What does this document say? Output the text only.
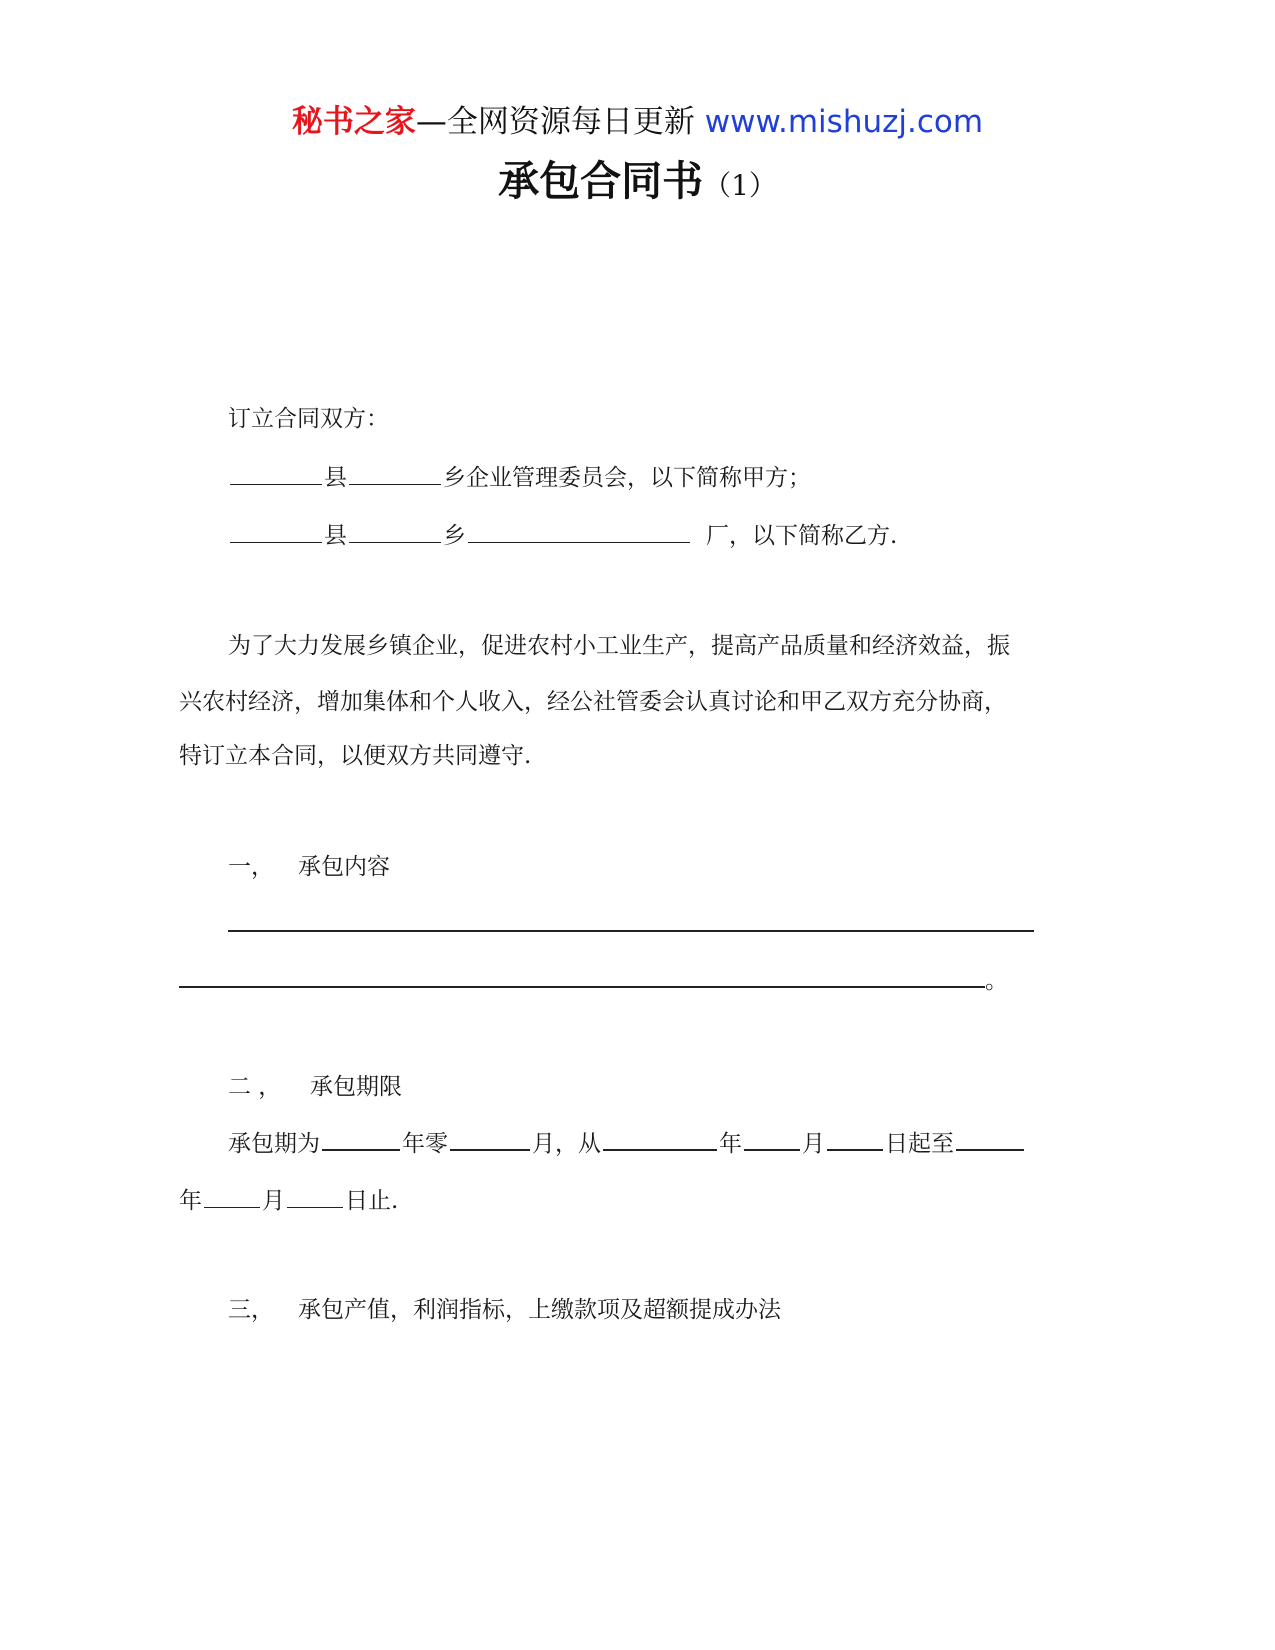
秘书之家—全网资源每日更新 www.mishuzj.com
承包合同书（1）
订立合同双方：
县	乡企业管理委员会，以下简称甲方；
县	乡	厂，以下简称乙方.
为了大力发展乡镇企业，促进农村小工业生产，提高产品质量和经济效益，振
兴农村经济，增加集体和个人收入，经公社管委会认真讨论和甲乙双方充分协商，
特订立本合同，以便双方共同遵守.
一， 承包内容
。
二 ， 承包期限
承包期为	年零	月，从	年	月	日起至
年	月	日止.
三， 承包产值，利润指标，上缴款项及超额提成办法
